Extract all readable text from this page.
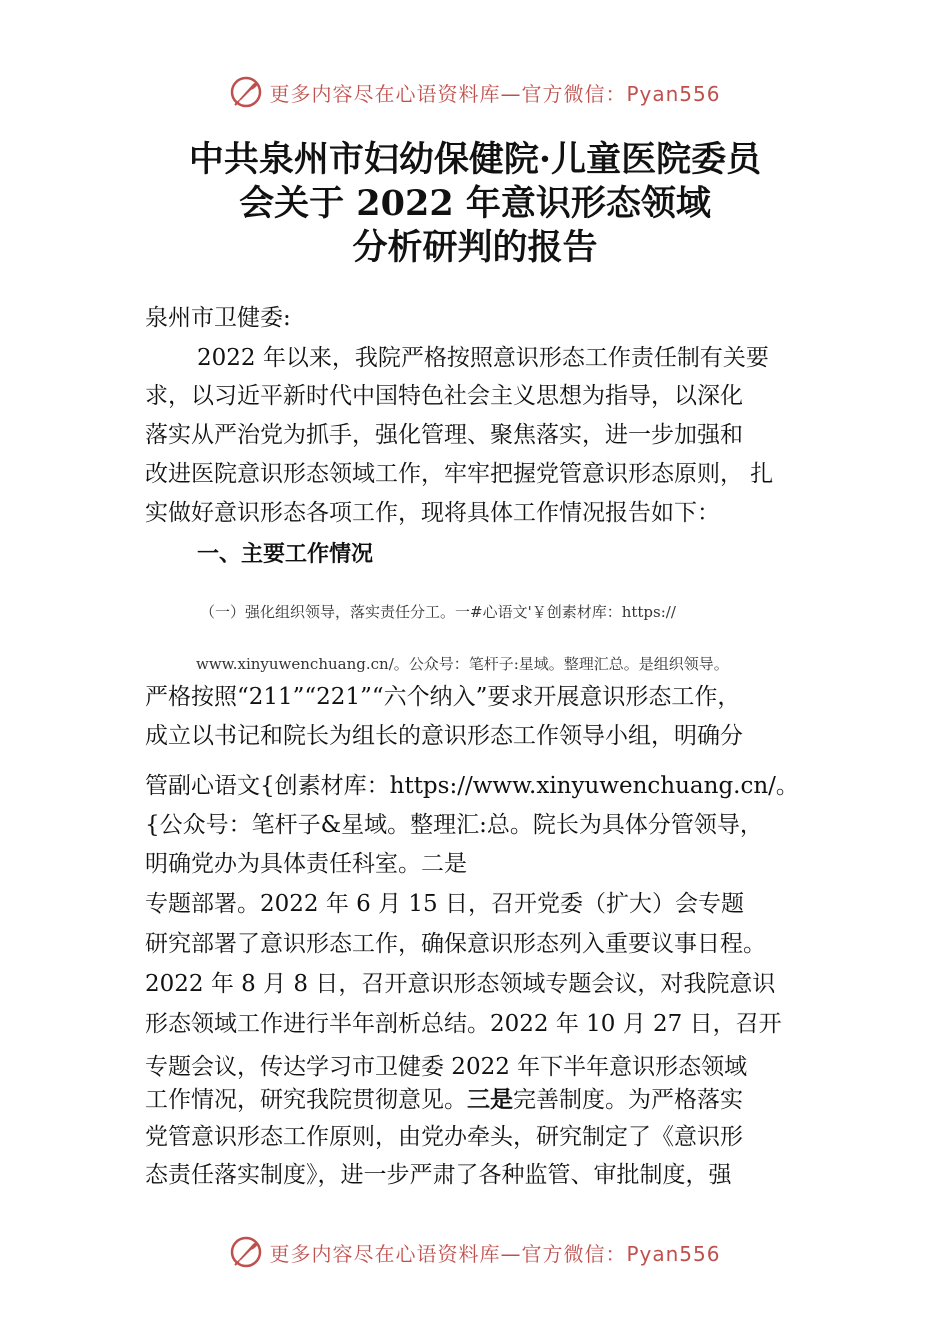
更多内容尽在心语资料库—官方微信：Pyan556
中共泉州市妇幼保健院·儿童医院委员
会关于 2022 年意识形态领域
分析研判的报告
泉州市卫健委:
2022 年以来，我院严格按照意识形态工作责任制有关要
求，以习近平新时代中国特色社会主义思想为指导，以深化
落实从严治党为抓手，强化管理、聚焦落实，进一步加强和
改进医院意识形态领域工作，牢牢把握党管意识形态原则， 扎
实做好意识形态各项工作，现将具体工作情况报告如下：
一、主要工作情况
（一）强化组织领导，落实责任分工。一#心语文'￥创素材库：https://
www.xinyuwenchuang.cn/。公众号：笔杆子:星域。整理汇总。是组织领导。
严格按照“211”“221”“六个纳入”要求开展意识形态工作，
成立以书记和院长为组长的意识形态工作领导小组，明确分
管副心语文{创素材库：https://www.xinyuwenchuang.cn/。
{公众号：笔杆子&星域。整理汇:总。院长为具体分管领导，
明确党办为具体责任科室。二是
专题部署。2022 年 6 月 15 日，召开党委（扩大）会专题
研究部署了意识形态工作，确保意识形态列入重要议事日程。
2022 年 8 月 8 日，召开意识形态领域专题会议，对我院意识
形态领域工作进行半年剖析总结。2022 年 10 月 27 日，召开
专题会议，传达学习市卫健委 2022 年下半年意识形态领域
工作情况，研究我院贯彻意见。三是完善制度。为严格落实
党管意识形态工作原则，由党办牵头，研究制定了《意识形
态责任落实制度》，进一步严肃了各种监管、审批制度，强
更多内容尽在心语资料库—官方微信：Pyan556
